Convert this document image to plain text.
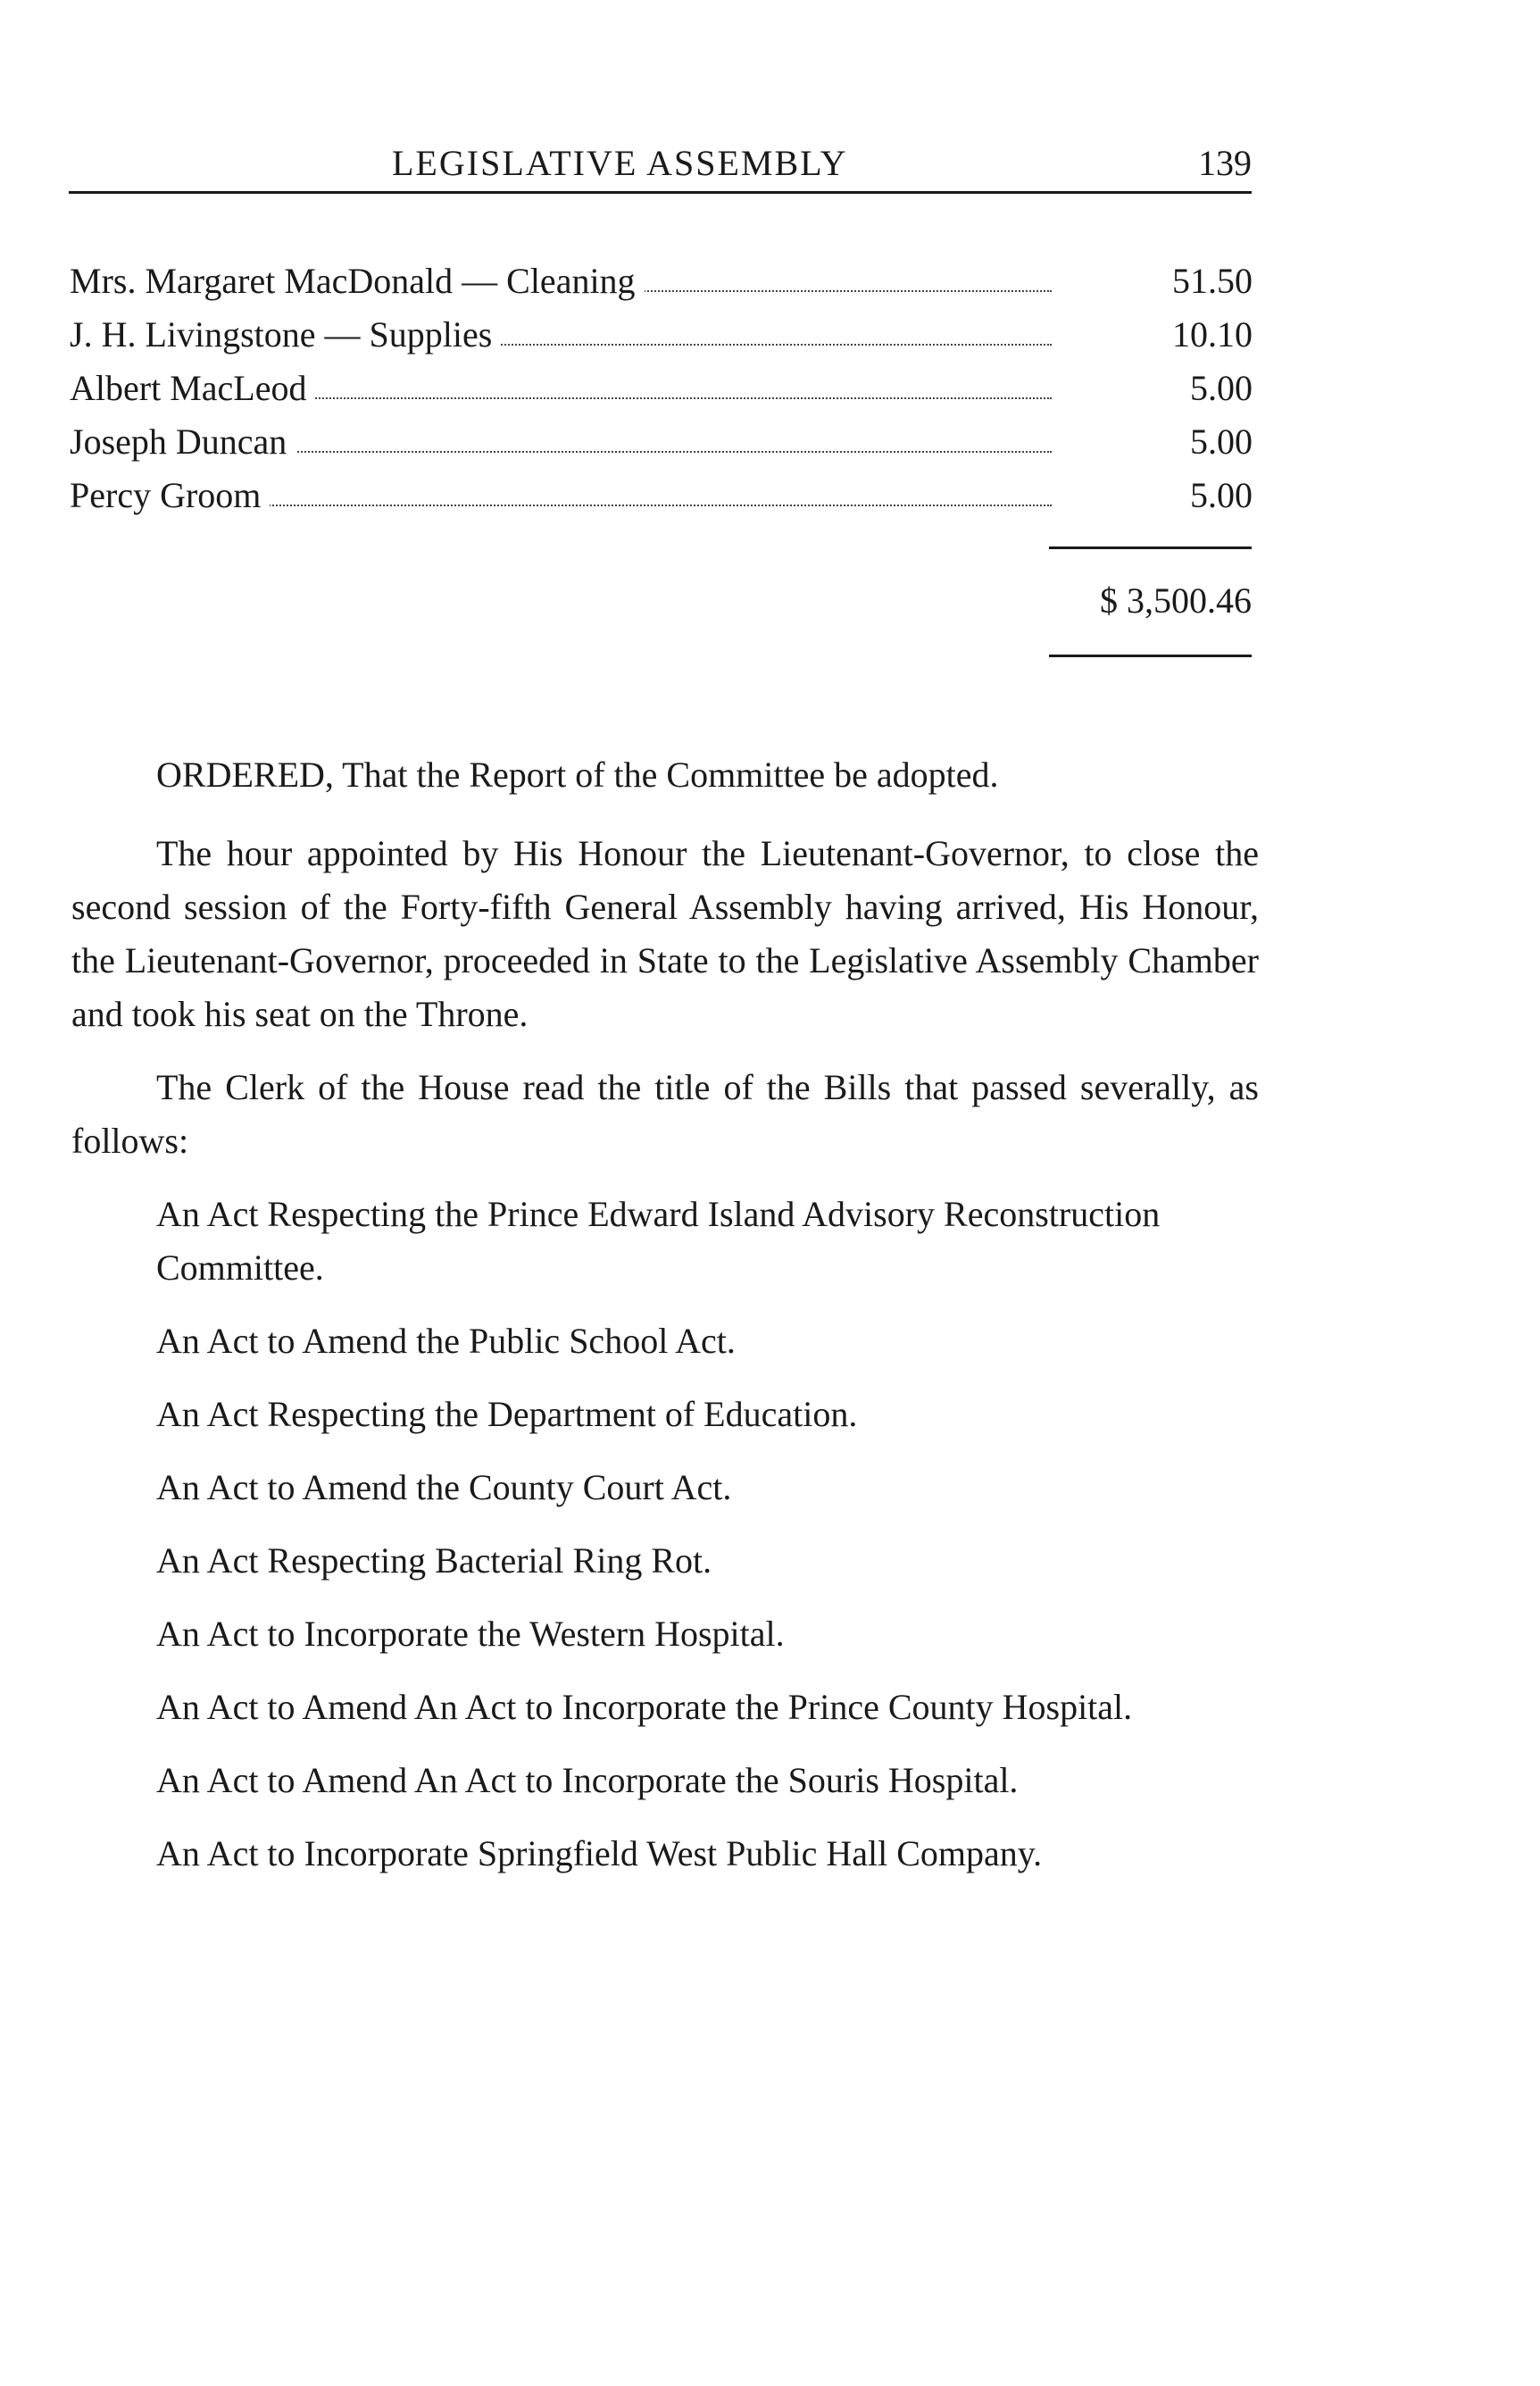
LEGISLATIVE ASSEMBLY	139
Mrs. Margaret MacDonald — Cleaning	51.50
J. H. Livingstone — Supplies	10.10
Albert MacLeod	5.00
Joseph Duncan	5.00
Percy Groom	5.00
$ 3,500.46

ORDERED, That the Report of the Committee be adopted.

The hour appointed by His Honour the Lieutenant-Governor, to close the second session of the Forty-fifth General Assembly having arrived, His Honour, the Lieutenant-Governor, proceeded in State to the Legislative Assembly Chamber and took his seat on the Throne.

The Clerk of the House read the title of the Bills that passed severally, as follows:

An Act Respecting the Prince Edward Island Advisory Reconstruction Committee.
An Act to Amend the Public School Act.
An Act Respecting the Department of Education.
An Act to Amend the County Court Act.
An Act Respecting Bacterial Ring Rot.
An Act to Incorporate the Western Hospital.
An Act to Amend An Act to Incorporate the Prince County Hospital.
An Act to Amend An Act to Incorporate the Souris Hospital.
An Act to Incorporate Springfield West Public Hall Company.
